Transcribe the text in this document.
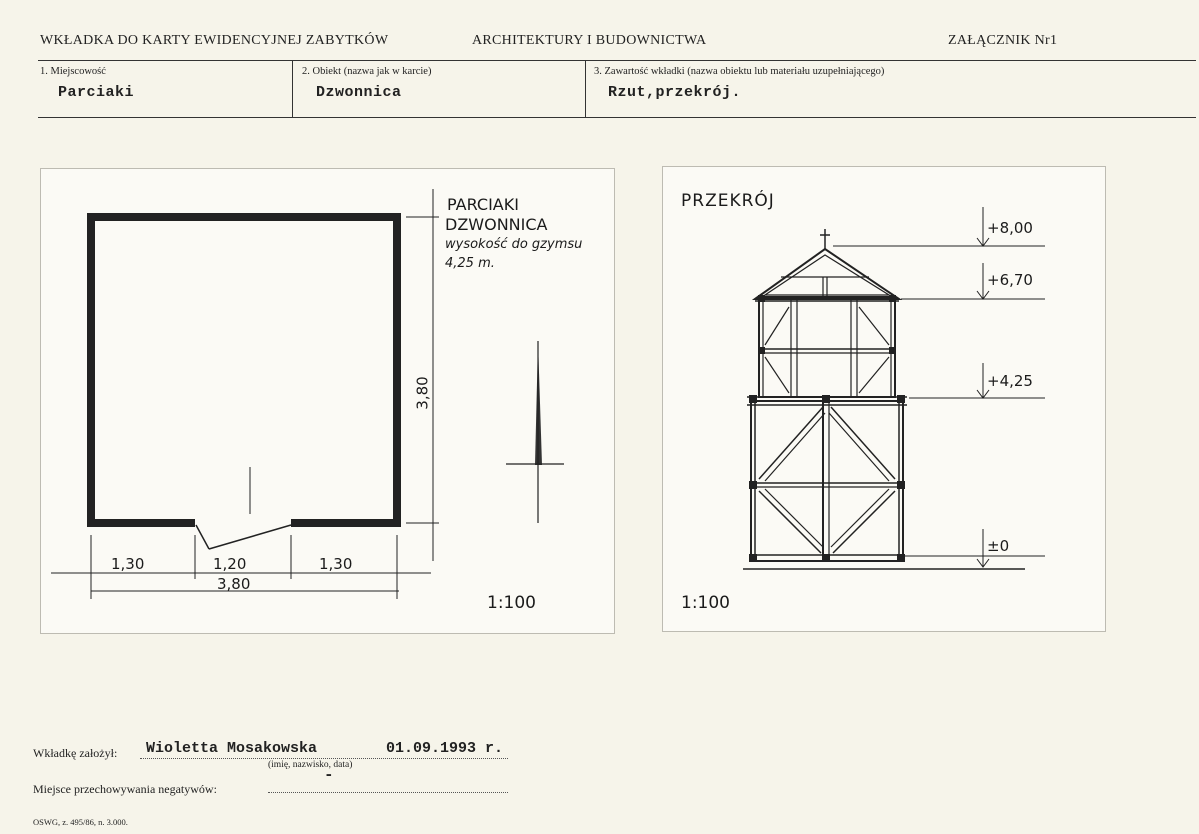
WKŁADKA DO KARTY EWIDENCYJNEJ ZABYTKÓW	ARCHITEKTURY I BUDOWNICTWA	ZAŁĄCZNIK Nr1
1. Miejscowość
Parciaki
2. Obiekt (nazwa jak w karcie)
Dzwonnica
3. Zawartość wkładki (nazwa obiektu lub materiału uzupełniającego)
Rzut,przekrój.
PARCIAKI
DZWONNICA
wysokość do gzymsu
4,25 m.
3,80
1,30	1,20	1,30
3,80
1:100
PRZEKRÓJ
+8,00
+6,70
+4,25
±0
1:100
Wkładkę założył: Wioletta Mosakowska	01.09.1993 r.
(imię, nazwisko, data)
Miejsce przechowywania negatywów:
-
OSWG, z. 495/86, n. 3.000.
